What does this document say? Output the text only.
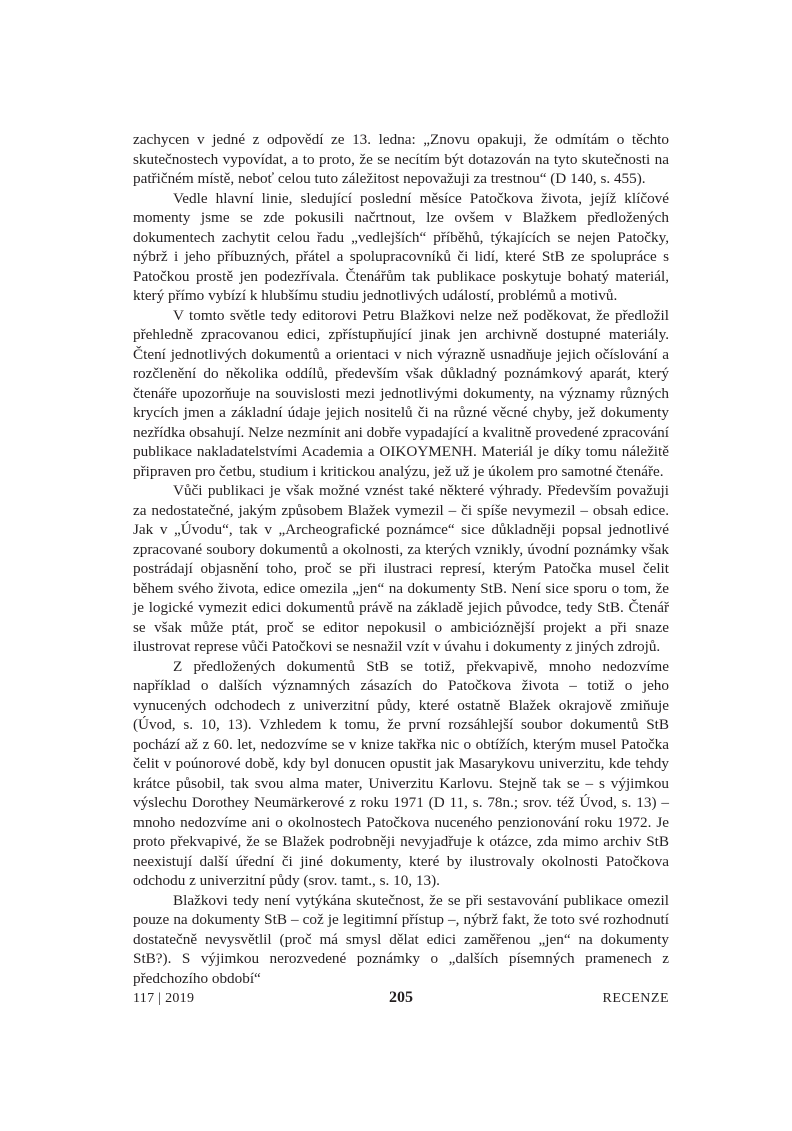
zachycen v jedné z odpovědí ze 13. ledna: „Znovu opakuji, že odmítám o těchto skutečnostech vypovídat, a to proto, že se necítím být dotazován na tyto skutečnosti na patřičném místě, neboť celou tuto záležitost nepovažuji za trestnou“ (D 140, s. 455).

Vedle hlavní linie, sledující poslední měsíce Patočkova života, jejíž klíčové momenty jsme se zde pokusili načrtnout, lze ovšem v Blažkem předložených dokumentech zachytit celou řadu „vedlejších“ příběhů, týkajících se nejen Patočky, nýbrž i jeho příbuzných, přátel a spolupracovníků či lidí, které StB ze spolupráce s Patočkou prostě jen podezřívala. Čtenářům tak publikace poskytuje bohatý materiál, který přímo vybízí k hlubšímu studiu jednotlivých událostí, problémů a motivů.

V tomto světle tedy editorovi Petru Blažkovi nelze než poděkovat, že předložil přehledně zpracovanou edici, zpřístupňující jinak jen archivně dostupné materiály. Čtení jednotlivých dokumentů a orientaci v nich výrazně usnadňuje jejich očíslování a rozčlenění do několika oddílů, především však důkladný poznámkový aparát, který čtenáře upozorňuje na souvislosti mezi jednotlivými dokumenty, na významy různých krycích jmen a základní údaje jejich nositelů či na různé věcné chyby, jež dokumenty nezřídka obsahují. Nelze nezmínit ani dobře vypadající a kvalitně provedené zpracování publikace nakladatelstvími Academia a OIKOYMENH. Materiál je díky tomu náležitě připraven pro četbu, studium i kritickou analýzu, jež už je úkolem pro samotné čtenáře.

Vůči publikaci je však možné vznést také některé výhrady. Především považuji za nedostatečné, jakým způsobem Blažek vymezil – či spíše nevymezil – obsah edice. Jak v „Úvodu“, tak v „Archeografické poznámce“ sice důkladněji popsal jednotlivé zpracované soubory dokumentů a okolnosti, za kterých vznikly, úvodní poznámky však postrádají objasnění toho, proč se při ilustraci represí, kterým Patočka musel čelit během svého života, edice omezila „jen“ na dokumenty StB. Není sice sporu o tom, že je logické vymezit edici dokumentů právě na základě jejich původce, tedy StB. Čtenář se však může ptát, proč se editor nepokusil o ambicióznější projekt a při snaze ilustrovat represe vůči Patočkovi se nesnažil vzít v úvahu i dokumenty z jiných zdrojů.

Z předložených dokumentů StB se totiž, překvapivě, mnoho nedozvíme například o dalších významných zásazích do Patočkova života – totiž o jeho vynucených odchodech z univerzitní půdy, které ostatně Blažek okrajově zmiňuje (Úvod, s. 10, 13). Vzhledem k tomu, že první rozsáhlejší soubor dokumentů StB pochází až z 60. let, nedozvíme se v knize takřka nic o obtížích, kterým musel Patočka čelit v poúnorové době, kdy byl donucen opustit jak Masarykovu univerzitu, kde tehdy krátce působil, tak svou alma mater, Univerzitu Karlovu. Stejně tak se – s výjimkou výslechu Dorothey Neumärkerové z roku 1971 (D 11, s. 78n.; srov. též Úvod, s. 13) – mnoho nedozvíme ani o okolnostech Patočkova nuceného penzionování roku 1972. Je proto překvapivé, že se Blažek podrobněji nevyjadřuje k otázce, zda mimo archiv StB neexistují další úřední či jiné dokumenty, které by ilustrovaly okolnosti Patočkova odchodu z univerzitní půdy (srov. tamt., s. 10, 13).

Blažkovi tedy není vytýkána skutečnost, že se při sestavování publikace omezil pouze na dokumenty StB – což je legitimní přístup –, nýbrž fakt, že toto své rozhodnutí dostatečně nevysvětlil (proč má smysl dělat edici zaměřenou „jen“ na dokumenty StB?). S výjimkou nerozvedené poznámky o „dalších písemných pramenech z předchozího období“

117 | 2019	205	RECENZE
